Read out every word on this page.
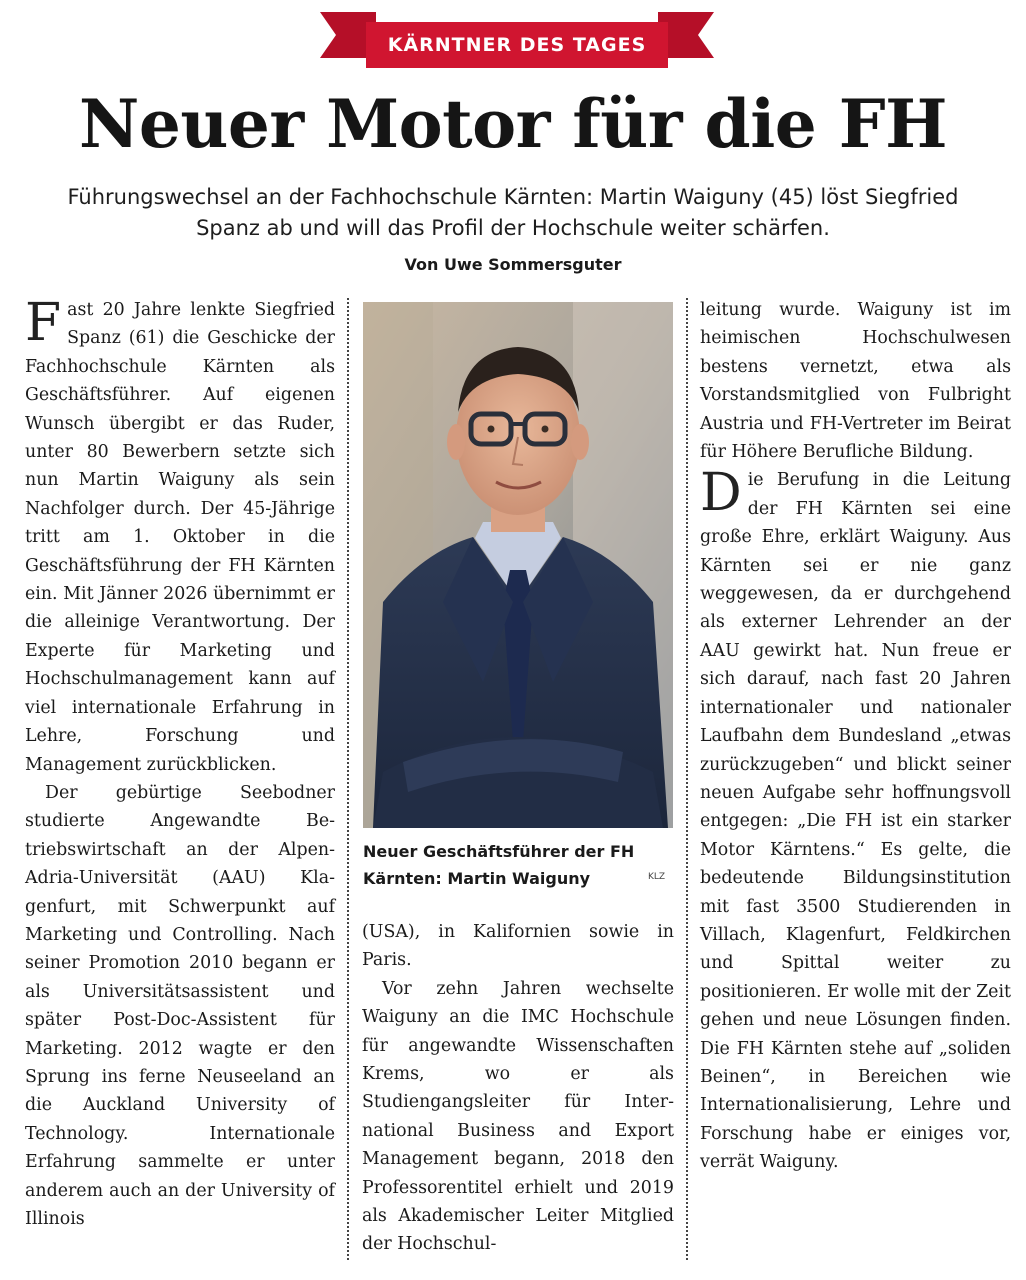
KÄRNTNER DES TAGES
Neuer Motor für die FH

Führungswechsel an der Fachhochschule Kärnten: Martin Waiguny (45) löst Siegfried Spanz ab und will das Profil der Hochschule weiter schärfen.

Von Uwe Sommersguter

Fast 20 Jahre lenkte Siegfried Spanz (61) die Geschicke der Fachhochschule Kärnten als Geschäftsführer. Auf eigenen Wunsch übergibt er das Ruder, unter 80 Bewerbern setzte sich nun Martin Waiguny als sein Nachfolger durch. Der 45-Jährige tritt am 1. Oktober in die Geschäftsführung der FH Kärnten ein. Mit Jänner 2026 übernimmt er die alleinige Verantwortung. Der Experte für Marketing und Hochschulmanagement kann auf viel internationale Erfahrung in Lehre, Forschung und Management zurückblicken.

Der gebürtige Seebodner studierte Angewandte Betriebswirtschaft an der Alpen-Adria-Universität (AAU) Klagenfurt, mit Schwerpunkt auf Marketing und Controlling. Nach seiner Promotion 2010 begann er als Universitätsassistent und später Post-Doc-Assistent für Marketing. 2012 wagte er den Sprung ins ferne Neuseeland an die Auckland University of Technology. Internationale Erfahrung sammelte er unter anderem auch an der University of Illinois

Neuer Geschäftsführer der FH Kärnten: Martin Waiguny	KLZ

(USA), in Kalifornien sowie in Paris.

Vor zehn Jahren wechselte Waiguny an die IMC Hochschule für angewandte Wissenschaften Krems, wo er als Studiengangsleiter für International Business and Export Management begann, 2018 den Professorentitel erhielt und 2019 als Akademischer Leiter Mitglied der Hochschul-

leitung wurde. Waiguny ist im heimischen Hochschulwesen bestens vernetzt, etwa als Vorstandsmitglied von Fulbright Austria und FH-Vertreter im Beirat für Höhere Berufliche Bildung.

Die Berufung in die Leitung der FH Kärnten sei eine große Ehre, erklärt Waiguny. Aus Kärnten sei er nie ganz weggewesen, da er durchgehend als externer Lehrender an der AAU gewirkt hat. Nun freue er sich darauf, nach fast 20 Jahren internationaler und nationaler Laufbahn dem Bundesland „etwas zurückzugeben“ und blickt seiner neuen Aufgabe sehr hoffnungsvoll entgegen: „Die FH ist ein starker Motor Kärntens.“ Es gelte, die bedeutende Bildungsinstitution mit fast 3500 Studierenden in Villach, Klagenfurt, Feldkirchen und Spittal weiter zu positionieren. Er wolle mit der Zeit gehen und neue Lösungen finden. Die FH Kärnten stehe auf „soliden Beinen“, in Bereichen wie Internationalisierung, Lehre und Forschung habe er einiges vor, verrät Waiguny.
